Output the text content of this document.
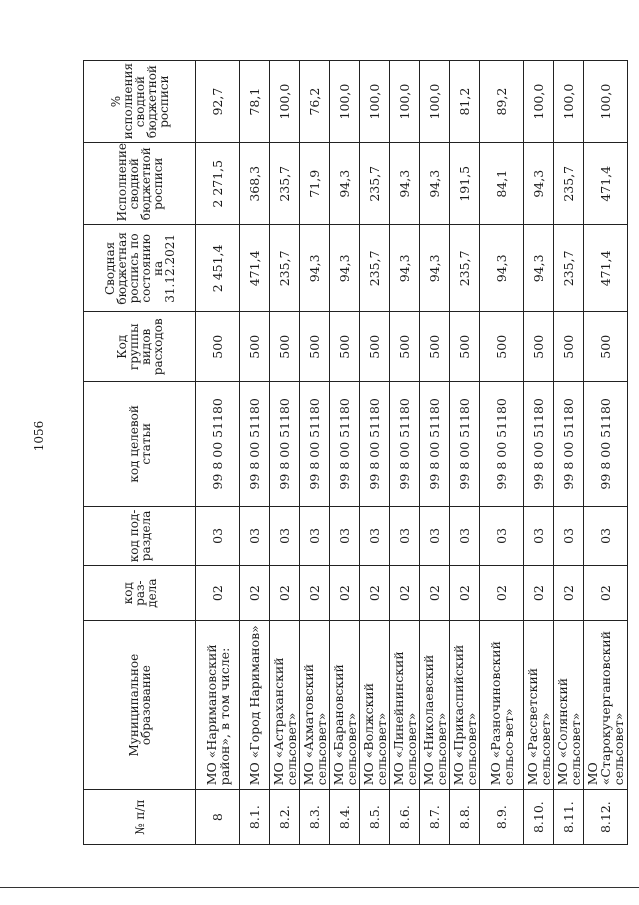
1056
№ п/п	Муниципальное образование	код раз-дела	код под-раздела	код целевой статьи	Код группы видов расходов	Сводная бюджетная роспись по состоянию на 31.12.2021	Исполнение сводной бюджетной росписи	% исполнения сводной бюджетной росписи
8	МО «Наримановский район», в том числе:	02	03	99 8 00 51180	500	2 451,4	2 271,5	92,7
8.1.	МО «Город Нариманов»	02	03	99 8 00 51180	500	471,4	368,3	78,1
8.2.	МО «Астраханский сельсовет»	02	03	99 8 00 51180	500	235,7	235,7	100,0
8.3.	МО «Ахматовский сельсовет»	02	03	99 8 00 51180	500	94,3	71,9	76,2
8.4.	МО «Барановский сельсовет»	02	03	99 8 00 51180	500	94,3	94,3	100,0
8.5.	МО «Волжский сельсовет»	02	03	99 8 00 51180	500	235,7	235,7	100,0
8.6.	МО «Линейнинский сельсовет»	02	03	99 8 00 51180	500	94,3	94,3	100,0
8.7.	МО «Николаевский сельсовет»	02	03	99 8 00 51180	500	94,3	94,3	100,0
8.8.	МО «Прикаспийский сельсовет»	02	03	99 8 00 51180	500	235,7	191,5	81,2
8.9.	МО «Разночиновский сельсо-вет»	02	03	99 8 00 51180	500	94,3	84,1	89,2
8.10.	МО «Рассветский сельсовет»	02	03	99 8 00 51180	500	94,3	94,3	100,0
8.11.	МО «Солянский сельсовет»	02	03	99 8 00 51180	500	235,7	235,7	100,0
8.12.	МО «Старокучергановский сельсовет»	02	03	99 8 00 51180	500	471,4	471,4	100,0
